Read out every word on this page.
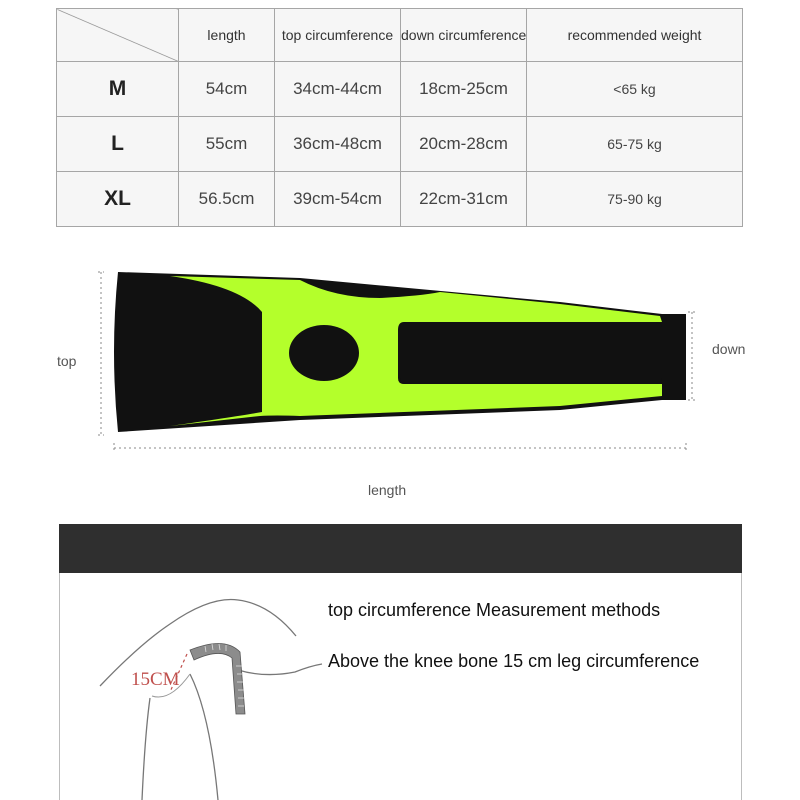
	length	top circumference	down circumference	recommended weight
M	54cm	34cm-44cm	18cm-25cm	<65 kg
L	55cm	36cm-48cm	20cm-28cm	65-75 kg
XL	56.5cm	39cm-54cm	22cm-31cm	75-90 kg
top
down
length
15CM
top circumference Measurement methods
Above the knee bone 15 cm leg circumference
